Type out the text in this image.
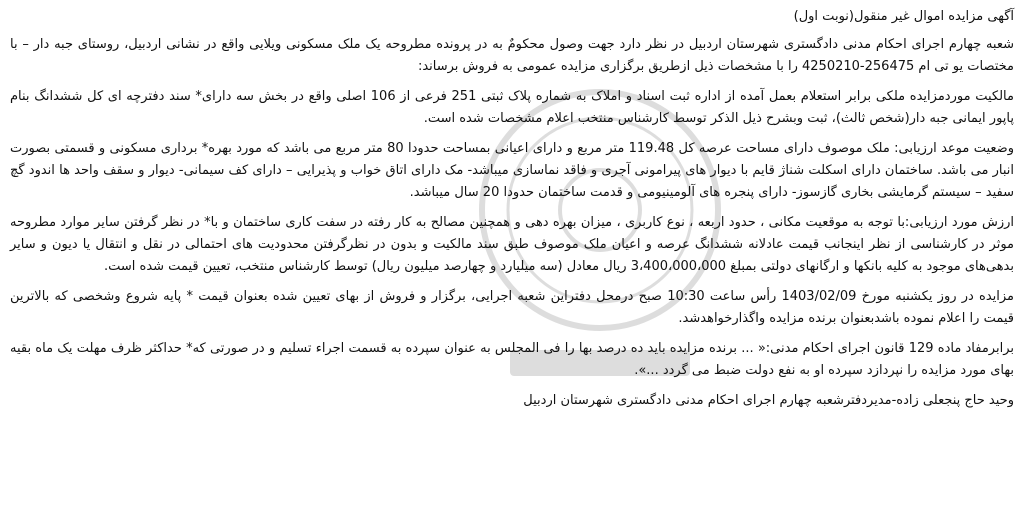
آگهی مزایده اموال غیر منقول(نوبت اول)

شعبه چهارم اجرای احکام مدنی دادگستری شهرستان اردبیل در نظر دارد جهت وصول محکومٌ به در پرونده مطروحه یک ملک مسکونی ویلایی واقع در نشانی اردبیل، روستای جبه دار – با مختصات یو تی ام 256475-4250210 را با مشخصات ذیل ازطریق برگزاری مزایده عمومی به فروش برساند:

مالکیت موردمزایده ملکی برابر استعلام بعمل آمده از اداره ثبت اسناد و املاک به شماره پلاک ثبتی 251 فرعی از 106 اصلی واقع در بخش سه دارای* سند دفترچه ای کل ششدانگ بنام پاپور ایمانی جبه دار(شخص ثالث)، ثبت وبشرح ذیل الذکر توسط کارشناس منتخب اعلام مشخصات شده است.

وضعیت موعد ارزیابی: ملک موصوف دارای مساحت عرصه کل 119.48 متر مربع و دارای اعیانی بمساحت حدودا 80 متر مربع می باشد که مورد بهره* برداری مسکونی و قسمتی بصورت انبار می باشد. ساختمان دارای اسکلت شناژ قایم با دیوار های پیرامونی آجری و فاقد نماسازی میباشد- مک دارای اتاق خواب و پذیرایی – دارای کف سیمانی- دیوار و سقف واحد ها اندود گچ سفید – سیستم گرمایشی بخاری گازسوز- دارای پنجره های آلومینیومی و قدمت ساختمان حدودا 20 سال میباشد.

ارزش مورد ارزیابی:با توجه به موقعیت مکانی ، حدود اربعه ، نوع کاربری ، میزان بهره دهی و همچنین مصالح به کار رفته در سفت کاری ساختمان و با* در نظر گرفتن سایر موارد مطروحه موثر در کارشناسی از نظر اینجانب قیمت عادلانه ششدانگ عرصه و اعیان ملک موصوف طبق سند مالکیت و بدون در نظرگرفتن محدودیت های احتمالی در نقل و انتقال یا دیون و سایر بدهی‌های موجود به کلیه بانکها و ارگانهای دولتی بمبلغ 3،400،000،000 ریال معادل (سه میلیارد و چهارصد میلیون ریال) توسط کارشناس منتخب، تعیین قیمت شده است.

مزایده در روز یکشنبه مورخ 1403/02/09 رأس ساعت 10:30 صبح درمحل دفتراین شعبه اجرایی، برگزار و فروش از بهای تعیین شده بعنوان قیمت * پایه شروع وشخصی که بالاترین قیمت را اعلام نموده باشدبعنوان برنده مزایده واگذارخواهدشد.

برابرمفاد ماده 129 قانون اجرای احکام مدنی:« ... برنده مزایده باید ده درصد بها را فی المجلس به عنوان سپرده به قسمت اجراء تسلیم و در صورتی که* حداکثر ظرف مهلت یک ماه بقیه بهای مورد مزایده را نپردازد سپرده او به نفع دولت ضبط می گردد ...».

وحید حاج پنجعلی زاده-مدیردفترشعبه چهارم اجرای احکام مدنی دادگستری شهرستان اردبیل
